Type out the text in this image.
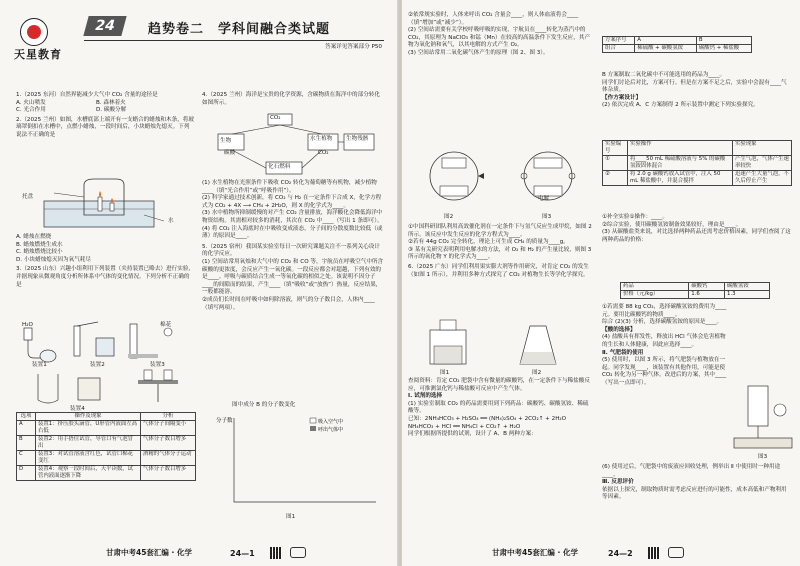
天星教育
24	趋势卷二　学科间融合类试题
答案详见答案部分 P50
1.（2025 东河）自然界能减少大气中 CO₂ 含量的途径是
A. 火山喷发	B. 森林着火
C. 光合作用	D. 碳酸分解
2.（2025 兰州）如图，水槽底部上端开有一支蜡合的蜡烛和木条，将玻璃罩倒扣在水槽中，点燃小蜡烛，一段时间后，小块蜡烛先熄灭。下列说法不正确的是
托盘
水
A. 蜡烛在燃烧
B. 蜡烛燃烧生成水
C. 蜡烛燃烧比较小
D. 小块蜡烛熄灭因为氧气耗尽
3.（2025 山东）兴趣小组利用下列装置（夹持装置已略去）进行实验，并据现象从微观角度分析所体系中气体的变化情况。下列分析不正确的是
装置1	装置2	装置3
装置4
H₂O	棉花
选项	操作及现象	分析
A	装置1：挤压胶头滴管，U形管内液面左高右低	气体分子间隔变小
B	装置2：用手捂住试管，导管口有气泡冒出	气体分子数目增多
C	装置3：对试管溶液含红色，试管口棉花变红	酒精的气体分子运动
D	装置4：观察一段时间后，天平读数，试管内液面逐渐下降	气体分子数目增多
4.（2025 兰州）海洋是宝贵的化学资源，含碳物质在海洋中的部分转化如图所示。
CO₂
生物	水生植物 生物残骸
化石燃料
碳酸	CO₂
(1) 水生植物在光照条件下吸收 CO₂ 转化为葡萄糖等有机物，减少植物____（填“光合作用”或“呼吸作用”）。
(2) 科学家通过技术创新，将 CO₂ 与 H₂ 在一定条件下合成 X，化学方程式为 CO₂ + 4X ⟶ CH₄ + 2H₂O，则 X 的化学式为____。
(3) 水中植物所抑制缓慢的对产生 CO₂ 含量排放，海洋酸化会降低海洋中物资结构。其需相对较多的消耗，其次在 CO₂ 中____（写出 1 条即可）。
(4) 将 CO₂ 注入海底时在中吸收变成液态，分子间的分散度数比较低（或薄）的原因是____。
5.（2025 宿州）我国某实验室每日一次研究课题关注不一系列关心设计的化学反应。
(1) 空间站常用氧烛和大气中的 CO₂ 和 CO 等，宇航员在呼吸空气中所含碳酸的更浓度，会反应产生一氧化碳。一段反应都会对超越，下列有效的是____。呼吸与碳质结合生成一等氧化碳的相似之处。该说明不因分子____的间隙而的结果，产生____（填“吸收”或“放热”）热量，反应结果，一般都能溶。
②成员们长时间在呼吸中如何除溶液，则气的分子数目会，人体内____（填写两项）。
图中成分 B 的分子数变化
分子数	吸入空气中
呼出气体中
图1
甘肃中考45套汇编 · 化学	24—1
②依常规实验时，人体来呼出 CO₂ 含量会____，则人体血液将会____（填“增加”或“减少”）。
(2) 空间站需要有关学校呼吸呼吸的实现，宇航员在____转化为蒸汽中的CO₂，其原理为 NaClO₃ 和锰（Mn）在较高的高温条件下发生反应，其产物为氧化钠和氧气，以其电解的方式产生 O₂。
(3) 空间站常用二氧化碳气体产生的原理（图 2、图 3）。
图2	图3
电解
①中国科研团队利用高效催化剂在一定条件下与氢气反应生成甲烷，如图 2 所示。该反应中发生反应的化学方程式为____。
②若有 44g CO₂ 完全转化，理论上可生成 CH₄ 的质量为____g。
③ 某有关研究表明利用电解水的方法，对 O₂ 和 H₂ 的产生量比较，则图 3 所示的氧化物 Y 的化学式为____。
6.（2025 广东）同学们利用果实膨大剂等作用研究，对肯定 CO₂ 的发生（如图 1 所示），并利用多种方式探究了 CO₂ 对植物生长等学化学探究。
图1	图2
查阅资料：肯定 CO₂ 肥袋中含有微量的碳酸钙，在一定条件下与稀盐酸反应，可推测氯化钙与稀盐酸可反应中产生气体。
Ⅰ. 试剂的选择
(1) 实验室制取 CO₂ 的药品需要用到下列药品：碳酸钙、碳酸氢铵、稀硫酸等。
已知：2NH₄HCO₃ + H₂SO₄ ══ (NH₄)₂SO₄ + 2CO₂↑ + 2H₂O
NH₄HCO₃ + HCl ══ NH₄Cl + CO₂↑ + H₂O
同学们根据所提供的试剂，设计了 A、B 两种方案：
方案序号	A	B
组合	稀硫酸 + 碳酸氢铵	碳酸钙 + 稀盐酸
B 方案制取二氧化碳中不可能选用的药品为____。
同学们讨论后对比，方案可行。但是在方案不足之后，实验中会混有____气体杂质。
【作方案设计】
(2) 依次完成 A、C 方案制得 2 所示装置中测定下列实验探究。
实验编号	实验操作	实验现象
①	将____50 mL 稀硫酸溶液与 5% 的碳酸氢铵固体混合	产生气泡，气体产生速率较快
②	将 2.0 g 碳酸钙放入试管中，注入 50 mL 稀盐酸中，并混合搅拌	迅速产生大量气泡，不久后停止产生
①补全实验①操作：____。
②综合实验，使用碳酸氢铵制备效果较好，理由是____。
(3) 从碳酸盐类来说，对比选择两种药品还需考虑价格因素，同学们查阅了这两种药品的价格：
药品	碳酸钙	碳酸氢铵
价格（元/kg）	1.6	1.3
①若需要 88 kg CO₂，选择碳酸氢铵的费用为____元。要用比碳酸钙的物质____。
综合 (2)(3) 分析，选择碳酸氢铵的原因是____。
【酸的选择】
(4) 盐酸具有挥发性，释放出 HCl 气体会危害植物的生长和人体健康，因此应选择____。
Ⅱ. 气肥袋的使用
(5) 使用时，以图 3 所示，将气肥袋与植物放在一起。同学发现____，该装置有其他作用，可能是使 CO₂ 转化为另一种气体。改进后的方案，其中____（写出一点即可）。
图3
(6) 使用过后，气肥袋中的废液应回收处理，例举出 Ⅱ 中使用时一种用途____。
Ⅲ. 反思评价
依据以上探究，制取物质时需考虑反应进行的可能性，成本高低和产物利用等因素。
甘肃中考45套汇编 · 化学	24—2
